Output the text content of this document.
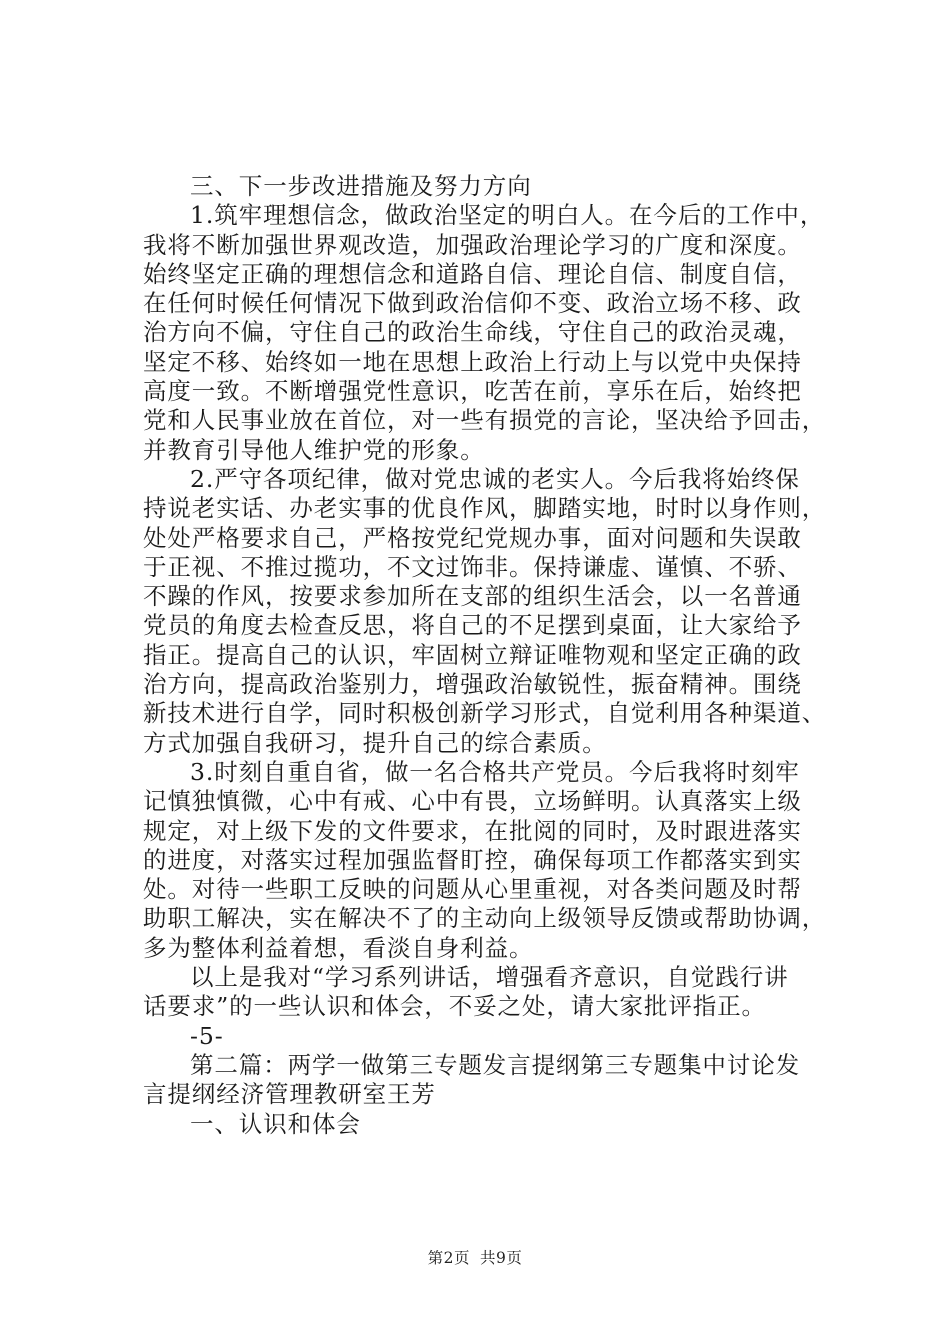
三、下一步改进措施及努力方向
1.筑牢理想信念，做政治坚定的明白人。在今后的工作中，
我将不断加强世界观改造，加强政治理论学习的广度和深度。
始终坚定正确的理想信念和道路自信、理论自信、制度自信，
在任何时候任何情况下做到政治信仰不变、政治立场不移、政
治方向不偏，守住自己的政治生命线，守住自己的政治灵魂，
坚定不移、始终如一地在思想上政治上行动上与以党中央保持
高度一致。不断增强党性意识，吃苦在前，享乐在后，始终把
党和人民事业放在首位，对一些有损党的言论，坚决给予回击，
并教育引导他人维护党的形象。
2.严守各项纪律，做对党忠诚的老实人。今后我将始终保
持说老实话、办老实事的优良作风，脚踏实地，时时以身作则，
处处严格要求自己，严格按党纪党规办事，面对问题和失误敢
于正视、不推过揽功，不文过饰非。保持谦虚、谨慎、不骄、
不躁的作风，按要求参加所在支部的组织生活会，以一名普通
党员的角度去检查反思，将自己的不足摆到桌面，让大家给予
指正。提高自己的认识，牢固树立辩证唯物观和坚定正确的政
治方向，提高政治鉴别力，增强政治敏锐性，振奋精神。围绕
新技术进行自学，同时积极创新学习形式，自觉利用各种渠道、
方式加强自我研习，提升自己的综合素质。
3.时刻自重自省，做一名合格共产党员。今后我将时刻牢
记慎独慎微，心中有戒、心中有畏，立场鲜明。认真落实上级
规定，对上级下发的文件要求，在批阅的同时，及时跟进落实
的进度，对落实过程加强监督盯控，确保每项工作都落实到实
处。对待一些职工反映的问题从心里重视，对各类问题及时帮
助职工解决，实在解决不了的主动向上级领导反馈或帮助协调，
多为整体利益着想，看淡自身利益。
以上是我对“学习系列讲话，增强看齐意识，自觉践行讲
话要求”的一些认识和体会，不妥之处，请大家批评指正。
-5-
第二篇：两学一做第三专题发言提纲第三专题集中讨论发
言提纲经济管理教研室王芳
一、认识和体会
第2页 共9页
